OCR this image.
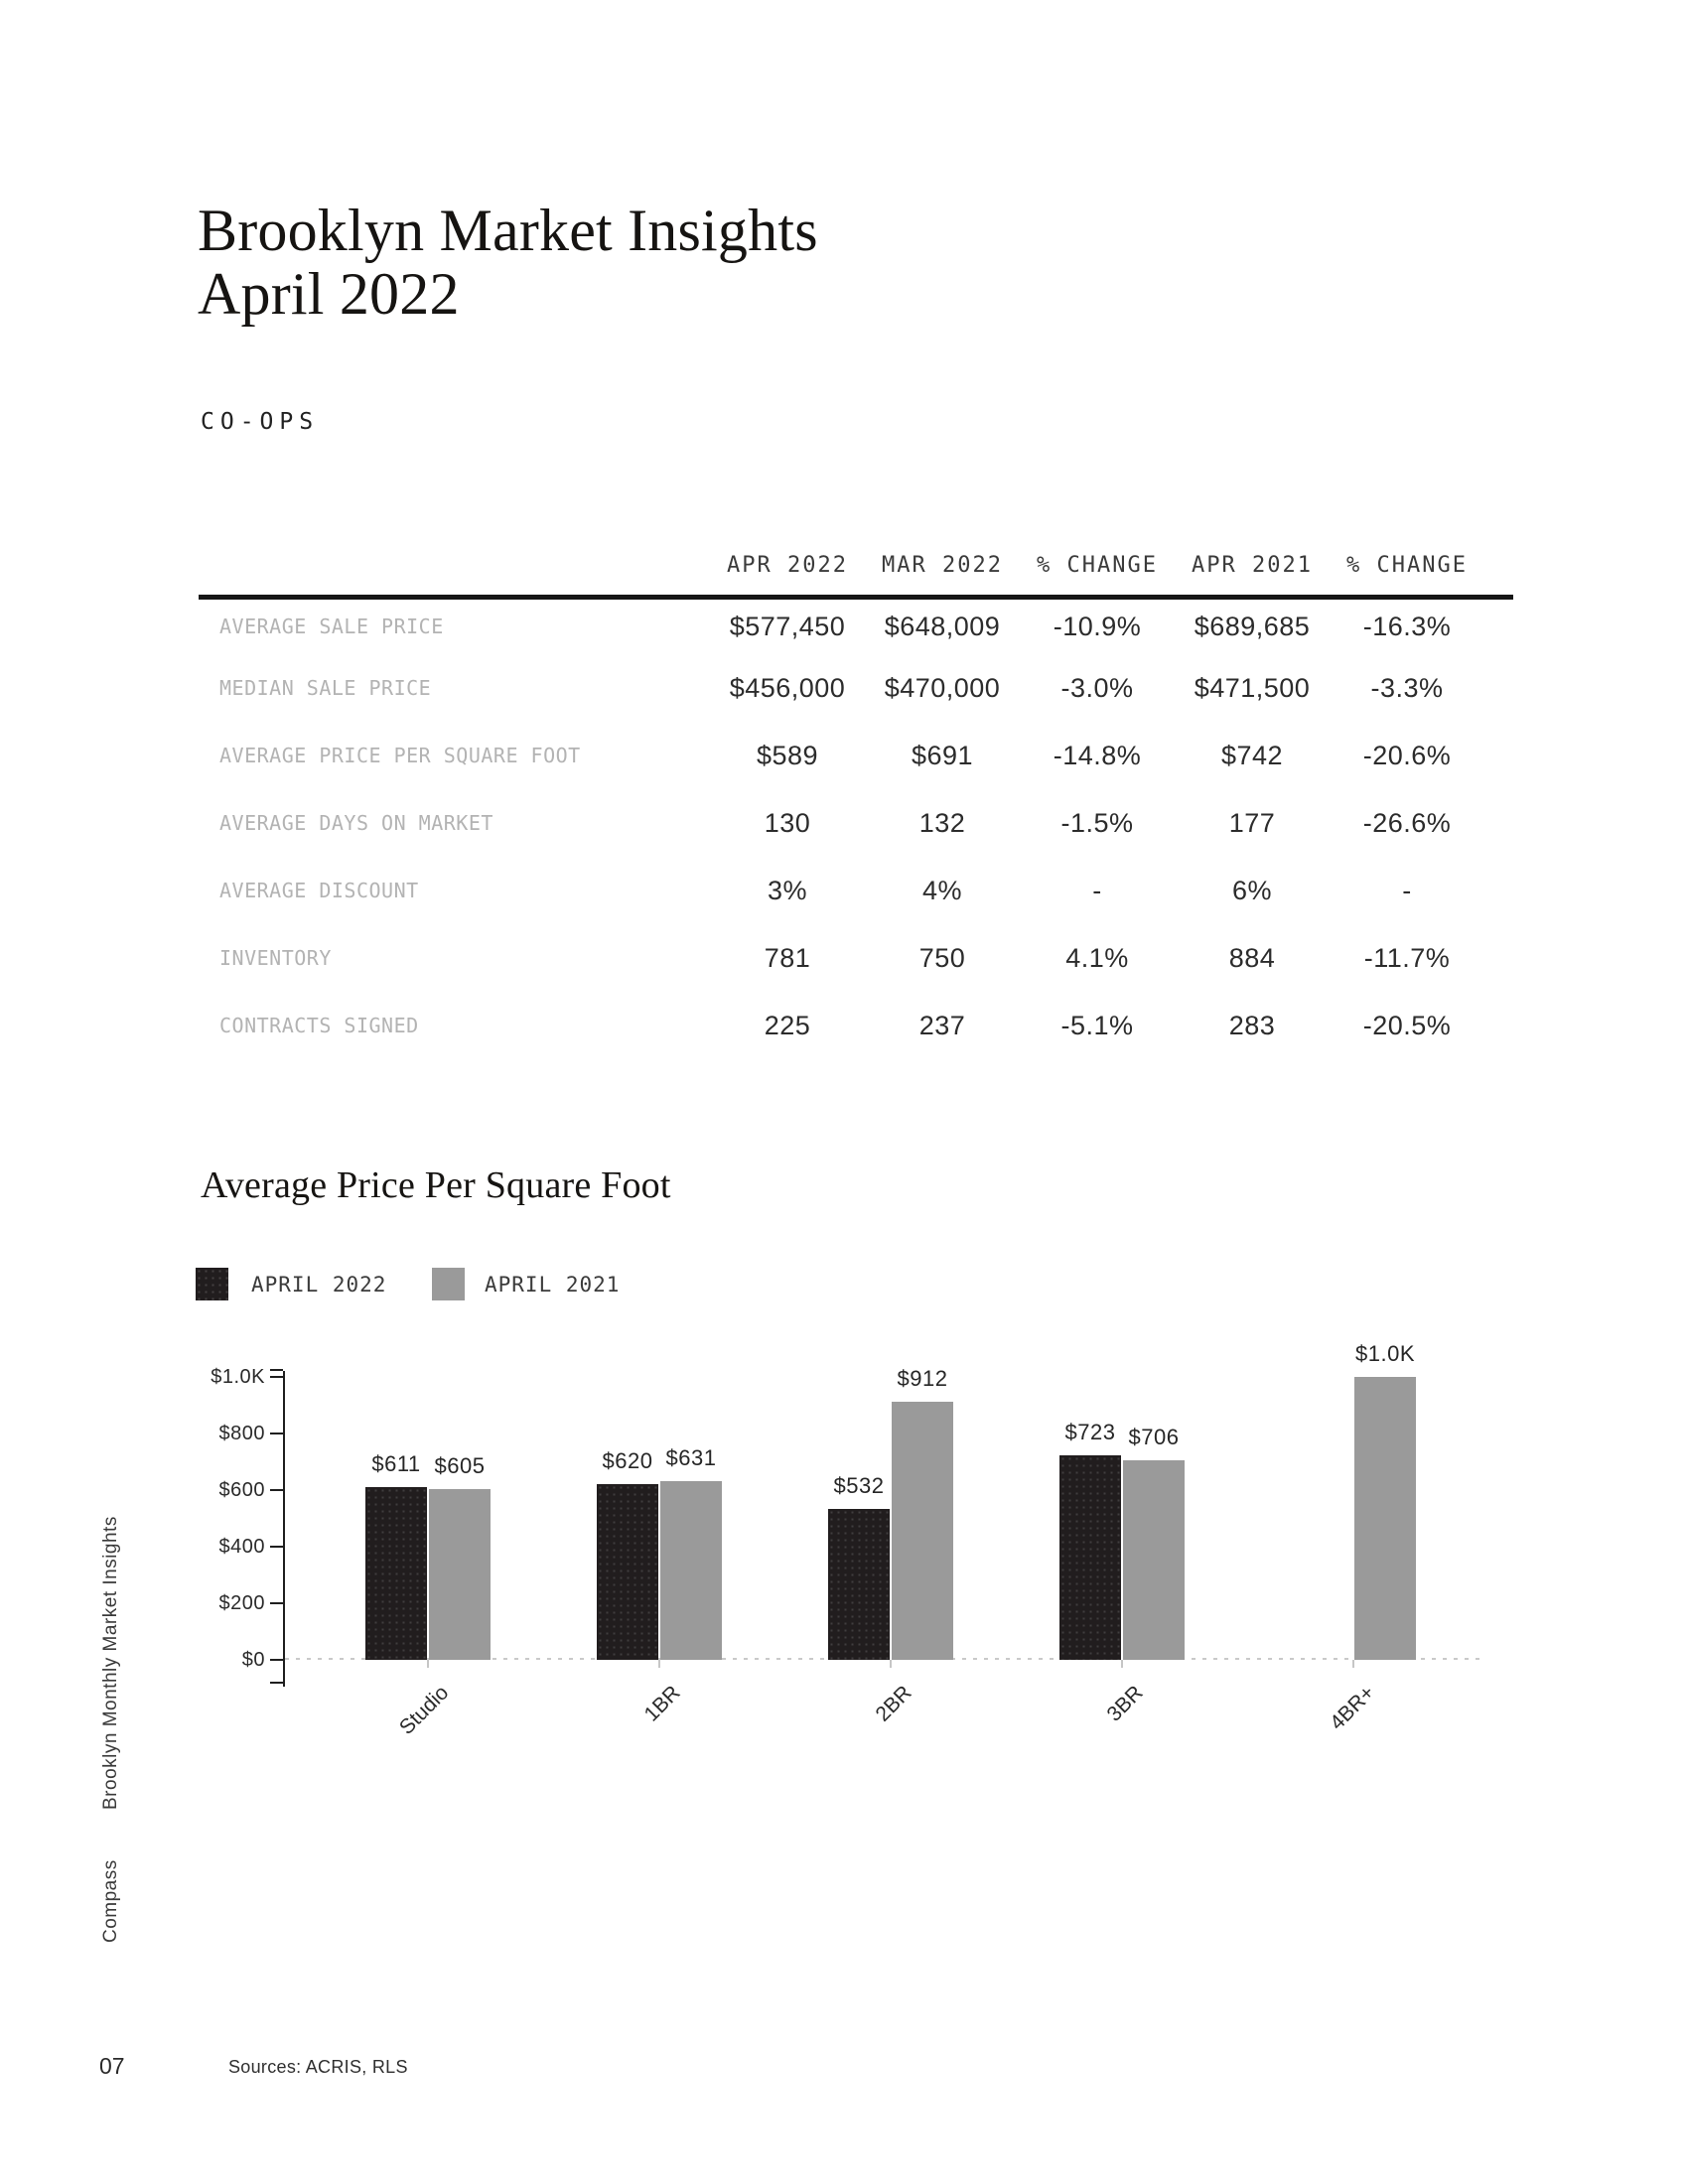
Brooklyn Market Insights
April 2022
CO-OPS
	APR 2022	MAR 2022	% CHANGE	APR 2021	% CHANGE	
AVERAGE SALE PRICE	$577,450	$648,009	-10.9%	$689,685	-16.3%	
MEDIAN SALE PRICE	$456,000	$470,000	-3.0%	$471,500	-3.3%	
AVERAGE PRICE PER SQUARE FOOT	$589	$691	-14.8%	$742	-20.6%	
AVERAGE DAYS ON MARKET	130	132	-1.5%	177	-26.6%	
AVERAGE DISCOUNT	3%	4%	-	6%	-	
INVENTORY	781	750	4.1%	884	-11.7%	
CONTRACTS SIGNED	225	237	-5.1%	283	-20.5%	
Average Price Per Square Foot
APRIL 2022	APRIL 2021
$0
$200
$400
$600
$800
$1.0K
Studio	1BR	2BR	3BR	4BR+
$611	$620
$532
$723
$605	$631
$912
$706
$1.0K
Brooklyn Monthly Market Insights
Compass
07	Sources: ACRIS, RLS
